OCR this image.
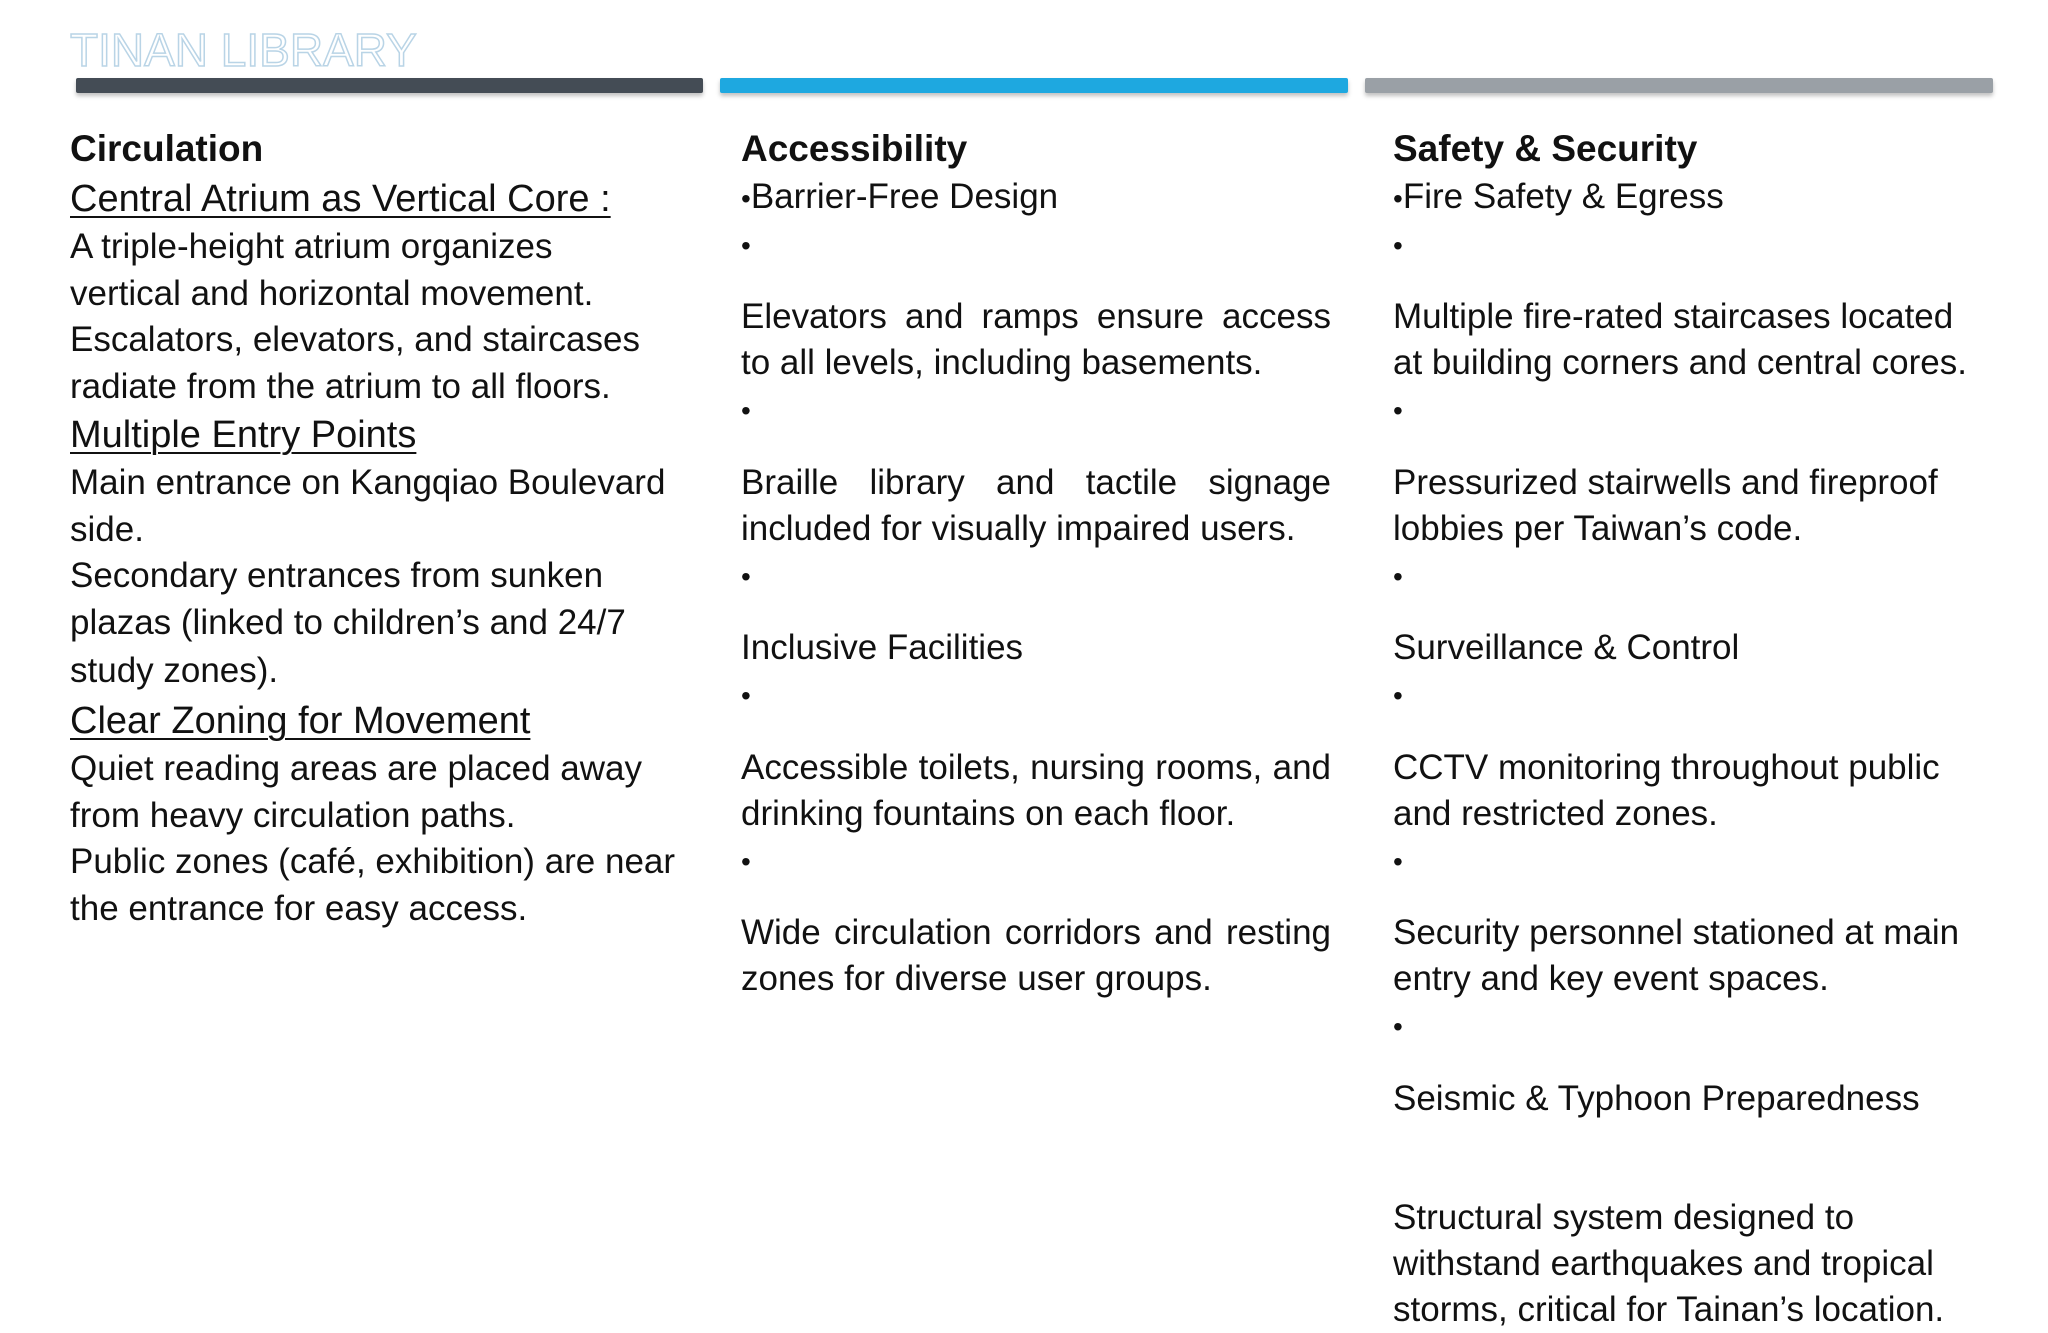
TINAN LIBRARY
Circulation
Central Atrium as Vertical Core :
A triple-height atrium organizes
vertical and horizontal movement.
Escalators, elevators, and staircases
radiate from the atrium to all floors.
Multiple Entry Points
Main entrance on Kangqiao Boulevard
side.
Secondary entrances from sunken
plazas (linked to children’s and 24/7
study zones).
Clear Zoning for Movement
Quiet reading areas are placed away
from heavy circulation paths.
Public zones (café, exhibition) are near
the entrance for easy access.
Accessibility
•Barrier-Free Design
•
Elevators and ramps ensure access to all levels, including basements.
•
Braille library and tactile signage included for visually impaired users.
•
Inclusive Facilities
•
Accessible toilets, nursing rooms, and drinking fountains on each floor.
•
Wide circulation corridors and resting zones for diverse user groups.
Safety & Security
•Fire Safety & Egress
•
Multiple fire-rated staircases located
at building corners and central cores.
•
Pressurized stairwells and fireproof
lobbies per Taiwan’s code.
•
Surveillance & Control
•
CCTV monitoring throughout public
and restricted zones.
•
Security personnel stationed at main
entry and key event spaces.
•
Seismic & Typhoon Preparedness
Structural system designed to
withstand earthquakes and tropical
storms, critical for Tainan’s location.
